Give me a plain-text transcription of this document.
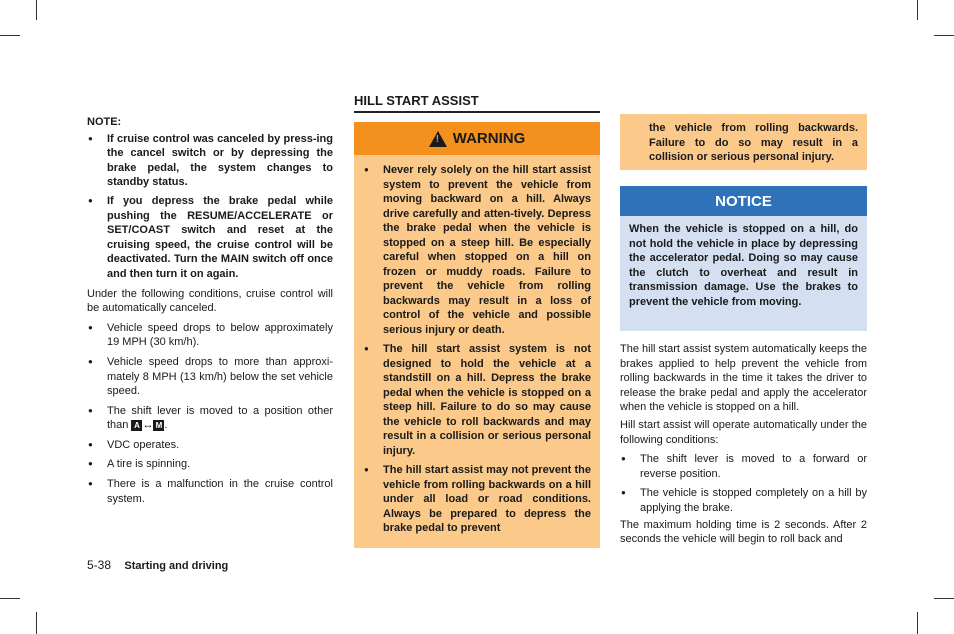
NOTE:
● If cruise control was canceled by press-ing the cancel switch or by depressing the brake pedal, the system changes to standby status.
● If you depress the brake pedal while pushing the RESUME/ACCELERATE or SET/COAST switch and reset at the cruising speed, the cruise control will be deactivated. Turn the MAIN switch off once and then turn it on again.

Under the following conditions, cruise control will be automatically canceled.

● Vehicle speed drops to below approximately 19 MPH (30 km/h).
● Vehicle speed drops to more than approxi-mately 8 MPH (13 km/h) below the set vehicle speed.
● The shift lever is moved to a position other than A ↔ M .
● VDC operates.
● A tire is spinning.
● There is a malfunction in the cruise control system.
HILL START ASSIST
! WARNING
● Never rely solely on the hill start assist system to prevent the vehicle from moving backward on a hill. Always drive carefully and atten-tively. Depress the brake pedal when the vehicle is stopped on a steep hill. Be especially careful when stopped on a hill on frozen or muddy roads. Failure to prevent the vehicle from rolling backwards may result in a loss of control of the vehicle and possible serious injury or death.
● The hill start assist system is not designed to hold the vehicle at a standstill on a hill. Depress the brake pedal when the vehicle is stopped on a steep hill. Failure to do so may cause the vehicle to roll backwards and may result in a collision or serious personal injury.
● The hill start assist may not prevent the vehicle from rolling backwards on a hill under all load or road conditions. Always be prepared to depress the brake pedal to prevent

the vehicle from rolling backwards. Failure to do so may result in a collision or serious personal injury.

NOTICE

When the vehicle is stopped on a hill, do not hold the vehicle in place by depressing the accelerator pedal. Doing so may cause the clutch to overheat and result in transmission damage. Use the brakes to prevent the vehicle from moving.

The hill start assist system automatically keeps the brakes applied to help prevent the vehicle from rolling backwards in the time it takes the driver to release the brake pedal and apply the accelerator when the vehicle is stopped on a hill.

Hill start assist will operate automatically under the following conditions:

● The shift lever is moved to a forward or reverse position.
● The vehicle is stopped completely on a hill by applying the brake.

The maximum holding time is 2 seconds. After 2 seconds the vehicle will begin to roll back and

5-38 Starting and driving
